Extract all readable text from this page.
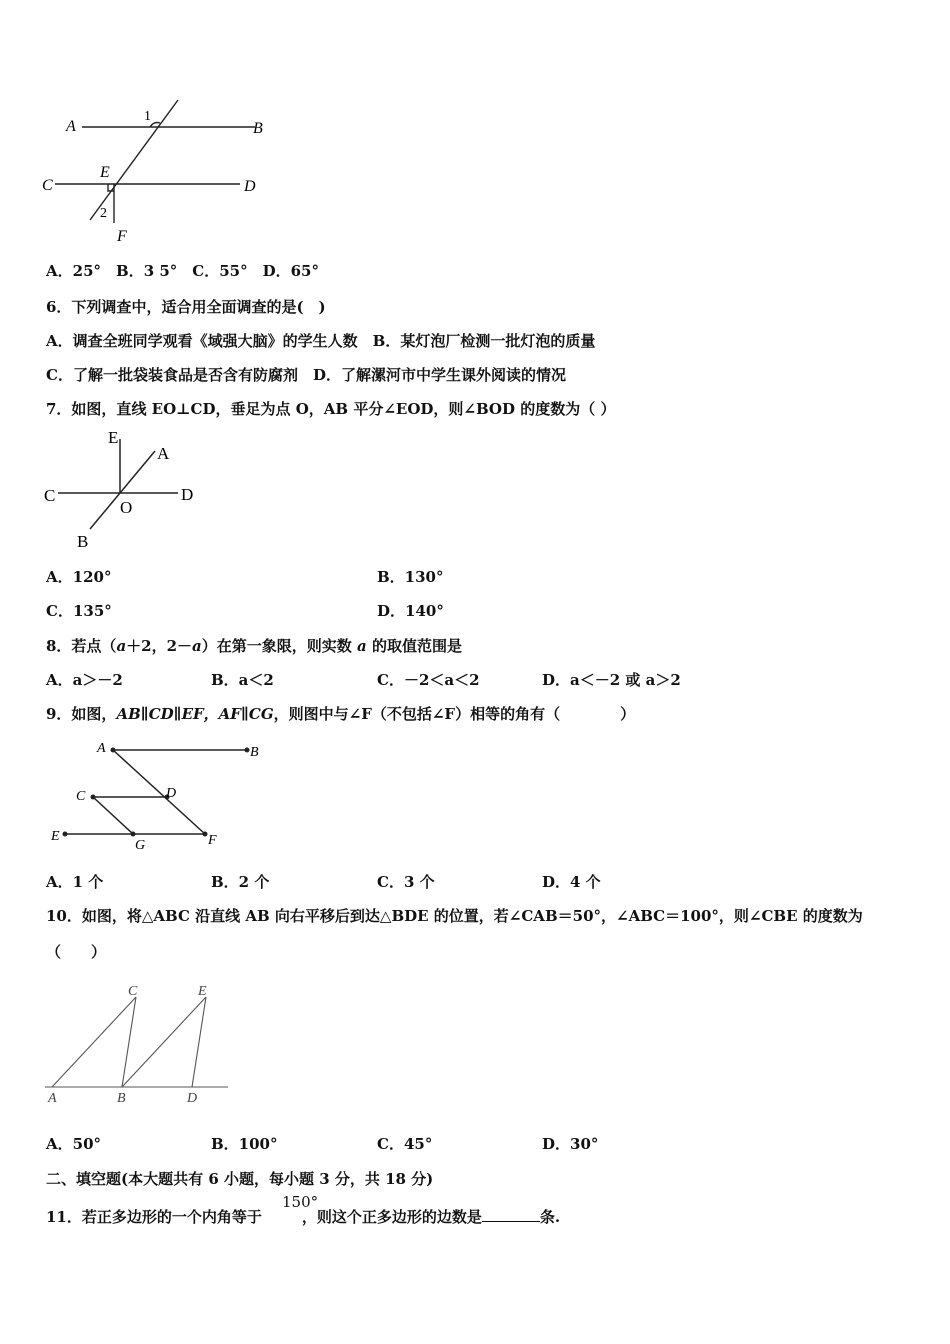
A	B
C	D
E
F
1
2
A．25°　B．3 5°　C．55°　D．65°
6．下列调查中，适合用全面调查的是(　)
A．调查全班同学观看《域强大脑》的学生人数　 B．某灯泡厂检测一批灯泡的质量
C．了解一批袋装食品是否含有防腐剂　 D．了解漯河市中学生课外阅读的情况
7．如图，直线 EO⊥CD，垂足为点 O，AB 平分∠EOD，则∠BOD 的度数为（ ）
E
A
C	D
O
B
A．120°	B．130°
C．135°	D．140°
8．若点（a＋2，2－a）在第一象限，则实数 a 的取值范围是
A．a＞－2	B．a＜2	C．－2＜a＜2	D．a＜－2 或 a＞2
9．如图，AB∥CD∥EF，AF∥CG，则图中与∠F（不包括∠F）相等的角有（　　　　）
A	B
C	D
E
G	F
A．1 个	B．2 个	C．3 个	D．4 个
10．如图，将△ABC 沿直线 AB 向右平移后到达△BDE 的位置，若∠CAB＝50°，∠ABC＝100°，则∠CBE 的度数为
（　　）
C	E
A	B	D
A．50°	B．100°	C．45°	D．30°
二、填空题(本大题共有 6 小题，每小题 3 分，共 18 分)
11．若正多边形的一个内角等于	，则这个正多边形的边数是	条.
150°
